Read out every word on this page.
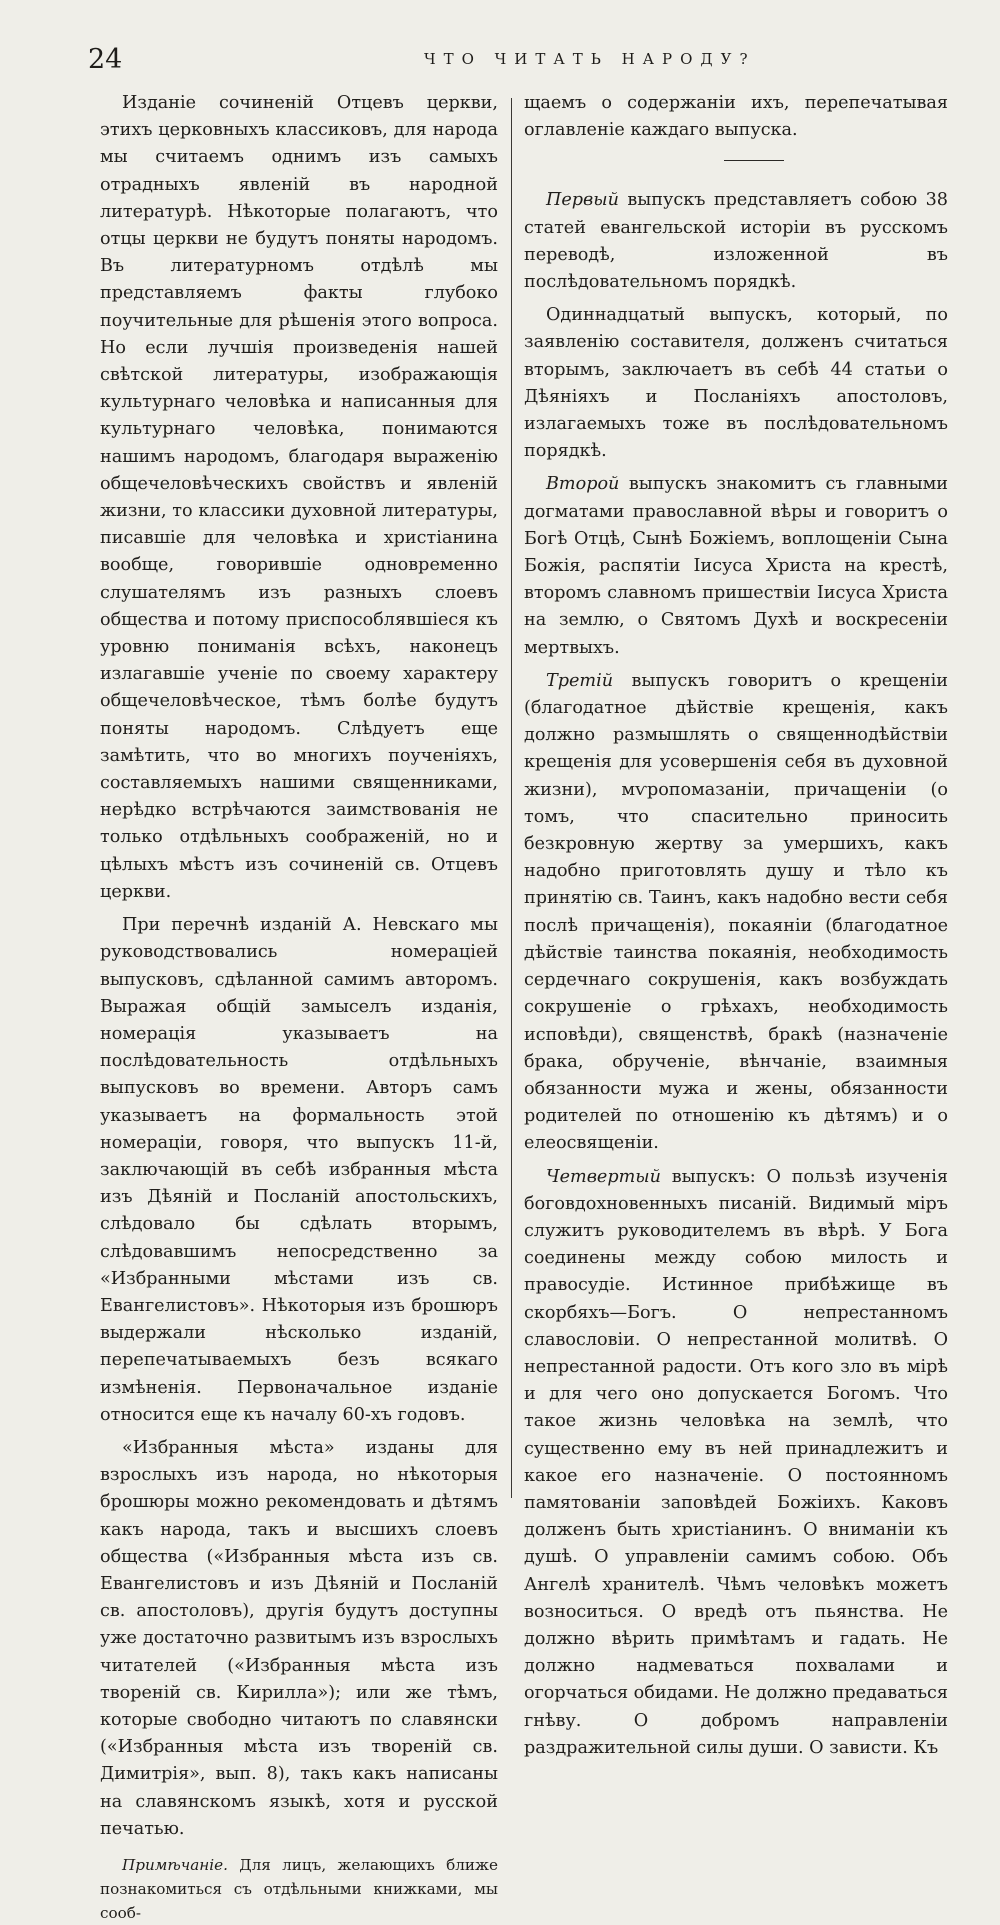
24	ЧТО ЧИТАТЬ НАРОДУ?

Изданіе сочиненій Отцевъ церкви, этихъ церковныхъ классиковъ, для народа мы считаемъ однимъ изъ самыхъ отрадныхъ явленій въ народной литературѣ. Нѣкоторые полагаютъ, что отцы церкви не будутъ поняты народомъ. Въ литературномъ отдѣлѣ мы представляемъ факты глубоко поучительные для рѣшенія этого вопроса. Но если лучшія произведенія нашей свѣтской литературы, изображающія культурнаго человѣка и написанныя для культурнаго человѣка, понимаются нашимъ народомъ, благодаря выраженію общечеловѣческихъ свойствъ и явленій жизни, то классики духовной литературы, писавшіе для человѣка и христіанина вообще, говорившіе одновременно слушателямъ изъ разныхъ слоевъ общества и потому приспособлявшіеся къ уровню пониманія всѣхъ, наконецъ излагавшіе ученіе по своему характеру общечеловѣческое, тѣмъ болѣе будутъ поняты народомъ. Слѣдуетъ еще замѣтить, что во многихъ поученіяхъ, составляемыхъ нашими священниками, нерѣдко встрѣчаются заимствованія не только отдѣльныхъ соображеній, но и цѣлыхъ мѣстъ изъ сочиненій св. Отцевъ церкви.

При перечнѣ изданій А. Невскаго мы руководствовались номераціей выпусковъ, сдѣланной самимъ авторомъ. Выражая общій замыселъ изданія, номерація указываетъ на послѣдовательность отдѣльныхъ выпусковъ во времени. Авторъ самъ указываетъ на формальность этой номераціи, говоря, что выпускъ 11-й, заключающій въ себѣ избранныя мѣста изъ Дѣяній и Посланій апостольскихъ, слѣдовало бы сдѣлать вторымъ, слѣдовавшимъ непосредственно за «Избранными мѣстами изъ св. Евангелистовъ». Нѣкоторыя изъ брошюръ выдержали нѣсколько изданій, перепечатываемыхъ безъ всякаго измѣненія. Первоначальное изданіе относится еще къ началу 60-хъ годовъ.

«Избранныя мѣста» изданы для взрослыхъ изъ народа, но нѣкоторыя брошюры можно рекомендовать и дѣтямъ какъ народа, такъ и высшихъ слоевъ общества («Избранныя мѣста изъ св. Евангелистовъ и изъ Дѣяній и Посланій св. апостоловъ), другія будутъ доступны уже достаточно развитымъ изъ взрослыхъ читателей («Избранныя мѣста изъ твореній св. Кирилла»); или же тѣмъ, которые свободно читаютъ по славянски («Избранныя мѣста изъ твореній св. Димитрія», вып. 8), такъ какъ написаны на славянскомъ языкѣ, хотя и русской печатью.

Примѣчаніе. Для лицъ, желающихъ ближе познакомиться съ отдѣльными книжками, мы сооб-

щаемъ о содержаніи ихъ, перепечатывая оглавленіе каждаго выпуска.

Первый выпускъ представляетъ собою 38 статей евангельской исторіи въ русскомъ переводѣ, изложенной въ послѣдовательномъ порядкѣ.

Одиннадцатый выпускъ, который, по заявленію составителя, долженъ считаться вторымъ, заключаетъ въ себѣ 44 статьи о Дѣяніяхъ и Посланіяхъ апостоловъ, излагаемыхъ тоже въ послѣдовательномъ порядкѣ.

Второй выпускъ знакомитъ съ главными догматами православной вѣры и говоритъ о Богѣ Отцѣ, Сынѣ Божіемъ, воплощеніи Сына Божія, распятіи Іисуса Христа на крестѣ, второмъ славномъ пришествіи Іисуса Христа на землю, о Святомъ Духѣ и воскресеніи мертвыхъ.

Третій выпускъ говоритъ о крещеніи (благодатное дѣйствіе крещенія, какъ должно размышлять о священнодѣйствіи крещенія для усовершенія себя въ духовной жизни), мѵропомазаніи, причащеніи (о томъ, что спасительно приносить безкровную жертву за умершихъ, какъ надобно приготовлять душу и тѣло къ принятію св. Таинъ, какъ надобно вести себя послѣ причащенія), покаяніи (благодатное дѣйствіе таинства покаянія, необходимость сердечнаго сокрушенія, какъ возбуждать сокрушеніе о грѣхахъ, необходимость исповѣди), священствѣ, бракѣ (назначеніе брака, обрученіе, вѣнчаніе, взаимныя обязанности мужа и жены, обязанности родителей по отношенію къ дѣтямъ) и о елеосвященіи.

Четвертый выпускъ: О пользѣ изученія боговдохновенныхъ писаній. Видимый міръ служитъ руководителемъ въ вѣрѣ. У Бога соединены между собою милость и правосудіе. Истинное прибѣжище въ скорбяхъ—Богъ. О непрестанномъ славословіи. О непрестанной молитвѣ. О непрестанной радости. Отъ кого зло въ мірѣ и для чего оно допускается Богомъ. Что такое жизнь человѣка на землѣ, что существенно ему въ ней принадлежитъ и какое его назначеніе. О постоянномъ памятованіи заповѣдей Божіихъ. Каковъ долженъ быть христіанинъ. О вниманіи къ душѣ. О управленіи самимъ собою. Объ Ангелѣ хранителѣ. Чѣмъ человѣкъ можетъ возноситься. О вредѣ отъ пьянства. Не должно вѣрить примѣтамъ и гадать. Не должно надмеваться похвалами и огорчаться обидами. Не должно предаваться гнѣву. О добромъ направленіи раздражительной силы души. О зависти. Къ
